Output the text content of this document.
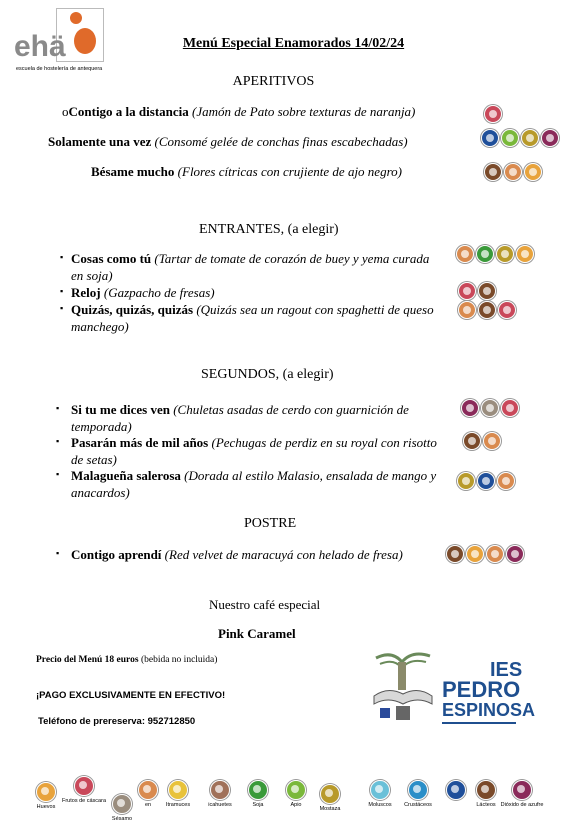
ehä
escuela de hostelería de antequera
Menú Especial Enamorados 14/02/24
APERITIVOS
oContigo a la distancia (Jamón de Pato sobre texturas de naranja)
Solamente una vez (Consomé gelée de conchas finas escabechadas)
Bésame mucho (Flores cítricas con crujiente de ajo negro)
ENTRANTES, (a elegir)
▪ Cosas como tú (Tartar de tomate de corazón de buey y yema curada en soja)
▪ Reloj (Gazpacho de fresas)
▪ Quizás, quizás, quizás (Quizás sea un ragout con spaghetti de queso manchego)
SEGUNDOS, (a elegir)
▪ Si tu me dices ven (Chuletas asadas de cerdo con guarnición de temporada)
▪ Pasarán más de mil años (Pechugas de perdiz en su royal con risotto de setas)
▪ Malagueña salerosa (Dorada al estilo Malasio, ensalada de mango y anacardos)
POSTRE
▪ Contigo aprendí (Red velvet de maracuyá con helado de fresa)
Nuestro café especial
Pink Caramel
Precio del Menú 18 euros (bebida no incluida)
¡PAGO EXCLUSIVAMENTE EN EFECTIVO!
Teléfono de prereserva: 952712850
IES
PEDRO
ESPINOSA
Huevos
Frutos de cáscara
Sésamo
en	Itramuces	icahuetes	Soja	Apio
Mostaza
Moluscos	Crustáceos	Lácteos Dióxido de azufre
